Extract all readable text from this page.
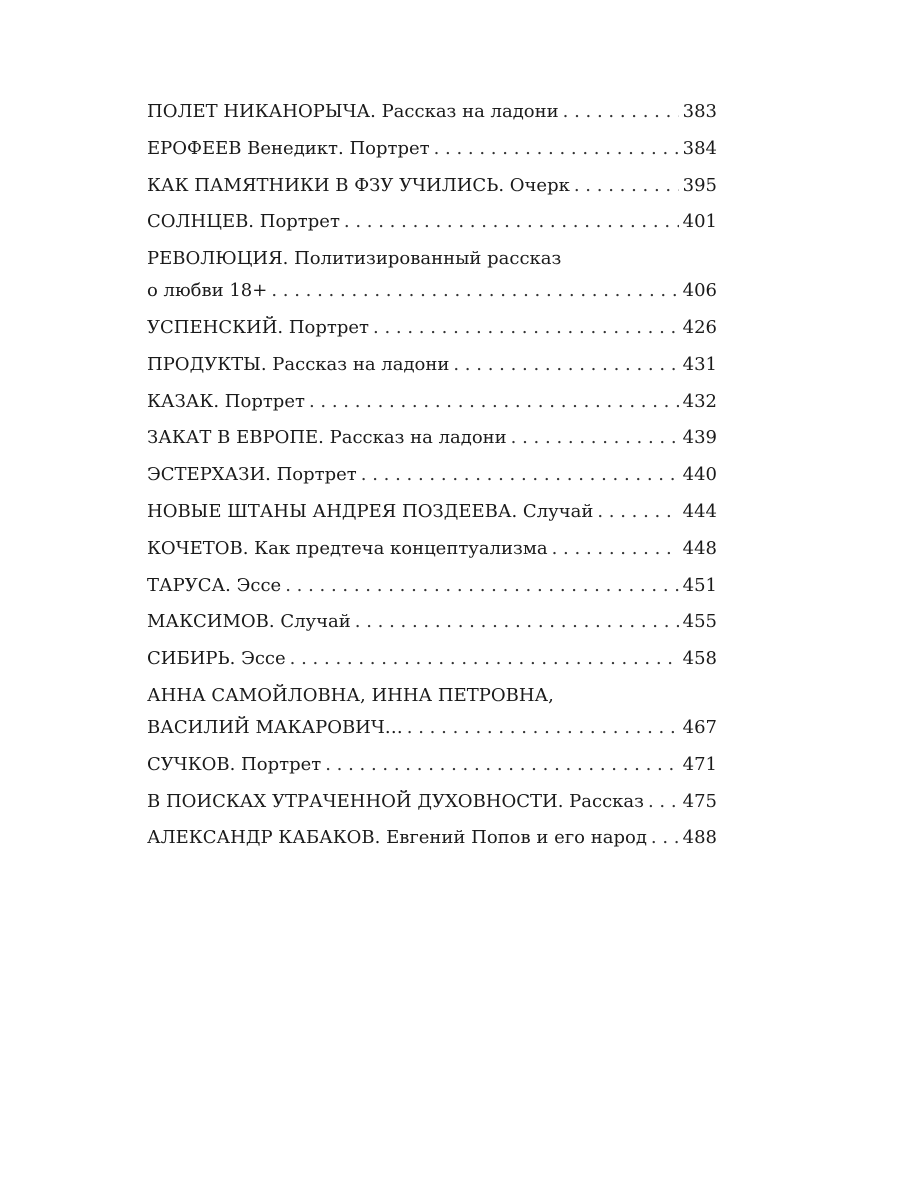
ПОЛЕТ НИКАНОРЫЧА. Рассказ на ладони . . .	383
ЕРОФЕЕВ Венедикт. Портрет . . .	384
КАК ПАМЯТНИКИ В ФЗУ УЧИЛИСЬ. Очерк . . .	395
СОЛНЦЕВ. Портрет . . .	401
РЕВОЛЮЦИЯ. Политизированный рассказ
о любви 18+ . . .	406
УСПЕНСКИЙ. Портрет . . .	426
ПРОДУКТЫ. Рассказ на ладони . . .	431
КАЗАК. Портрет . . .	432
ЗАКАТ В ЕВРОПЕ. Рассказ на ладони . . .	439
ЭСТЕРХАЗИ. Портрет . . .	440
НОВЫЕ ШТАНЫ АНДРЕЯ ПОЗДЕЕВА. Случай . . .	444
КОЧЕТОВ. Как предтеча концептуализма . . .	448
ТАРУСА. Эссе . . .	451
МАКСИМОВ. Случай . . .	455
СИБИРЬ. Эссе . . .	458
АННА САМОЙЛОВНА, ИННА ПЕТРОВНА,
ВАСИЛИЙ МАКАРОВИЧ… . . .	467
СУЧКОВ. Портрет . . .	471
В ПОИСКАХ УТРАЧЕННОЙ ДУХОВНОСТИ. Рассказ . . . 475
АЛЕКСАНДР КАБАКОВ. Евгений Попов и его народ . . . 488
